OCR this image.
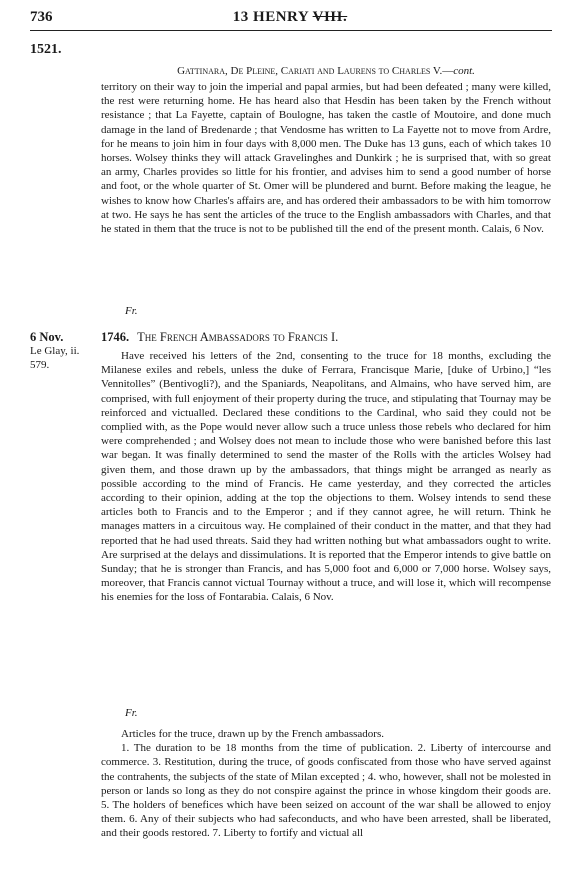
736	13 HENRY VIII.
1521.
Gattinara, De Pleine, Cariati and Laurens to Charles V.—cont.

territory on their way to join the imperial and papal armies, but had been defeated ; many were killed, the rest were returning home. He has heard also that Hesdin has been taken by the French without resistance ; that La Fayette, captain of Boulogne, has taken the castle of Moutoire, and done much damage in the land of Bredenarde ; that Vendosme has written to La Fayette not to move from Ardre, for he means to join him in four days with 8,000 men. The Duke has 13 guns, each of which takes 10 horses. Wolsey thinks they will attack Gravelinghes and Dunkirk ; he is surprised that, with so great an army, Charles provides so little for his frontier, and advises him to send a good number of horse and foot, or the whole quarter of St. Omer will be plundered and burnt. Before making the league, he wishes to know how Charles's affairs are, and has ordered their ambassadors to be with him tomorrow at two. He says he has sent the articles of the truce to the English ambassadors with Charles, and that he stated in them that the truce is not to be published till the end of the present month. Calais, 6 Nov.

Fr.
6 Nov.
Le Glay, ii. 579.
1746. The French Ambassadors to Francis I.

Have received his letters of the 2nd, consenting to the truce for 18 months, excluding the Milanese exiles and rebels, unless the duke of Ferrara, Francisque Marie, [duke of Urbino,] “les Vennitolles” (Bentivogli?), and the Spaniards, Neapolitans, and Almains, who have served him, are comprised, with full enjoyment of their property during the truce, and stipulating that Tournay may be reinforced and victualled. Declared these conditions to the Cardinal, who said they could not be complied with, as the Pope would never allow such a truce unless those rebels who declared for him were comprehended ; and Wolsey does not mean to include those who were banished before this last war began. It was finally determined to send the master of the Rolls with the articles Wolsey had given them, and those drawn up by the ambassadors, that things might be arranged as nearly as possible according to the mind of Francis. He came yesterday, and they corrected the articles according to their opinion, adding at the top the objections to them. Wolsey intends to send these articles both to Francis and to the Emperor ; and if they cannot agree, he will return. Think he manages matters in a circuitous way. He complained of their conduct in the matter, and that they had reported that he had used threats. Said they had written nothing but what ambassadors ought to write. Are surprised at the delays and dissimulations. It is reported that the Emperor intends to give battle on Sunday; that he is stronger than Francis, and has 5,000 foot and 6,000 or 7,000 horse. Wolsey says, moreover, that Francis cannot victual Tournay without a truce, and will lose it, which will recompense his enemies for the loss of Fontarabia. Calais, 6 Nov.

Fr.

Articles for the truce, drawn up by the French ambassadors.

1. The duration to be 18 months from the time of publication. 2. Liberty of intercourse and commerce. 3. Restitution, during the truce, of goods confiscated from those who have served against the contrahents, the subjects of the state of Milan excepted ; 4. who, however, shall not be molested in person or lands so long as they do not conspire against the prince in whose kingdom their goods are. 5. The holders of benefices which have been seized on account of the war shall be allowed to enjoy them. 6. Any of their subjects who had safeconducts, and who have been arrested, shall be liberated, and their goods restored. 7. Liberty to fortify and victual all
